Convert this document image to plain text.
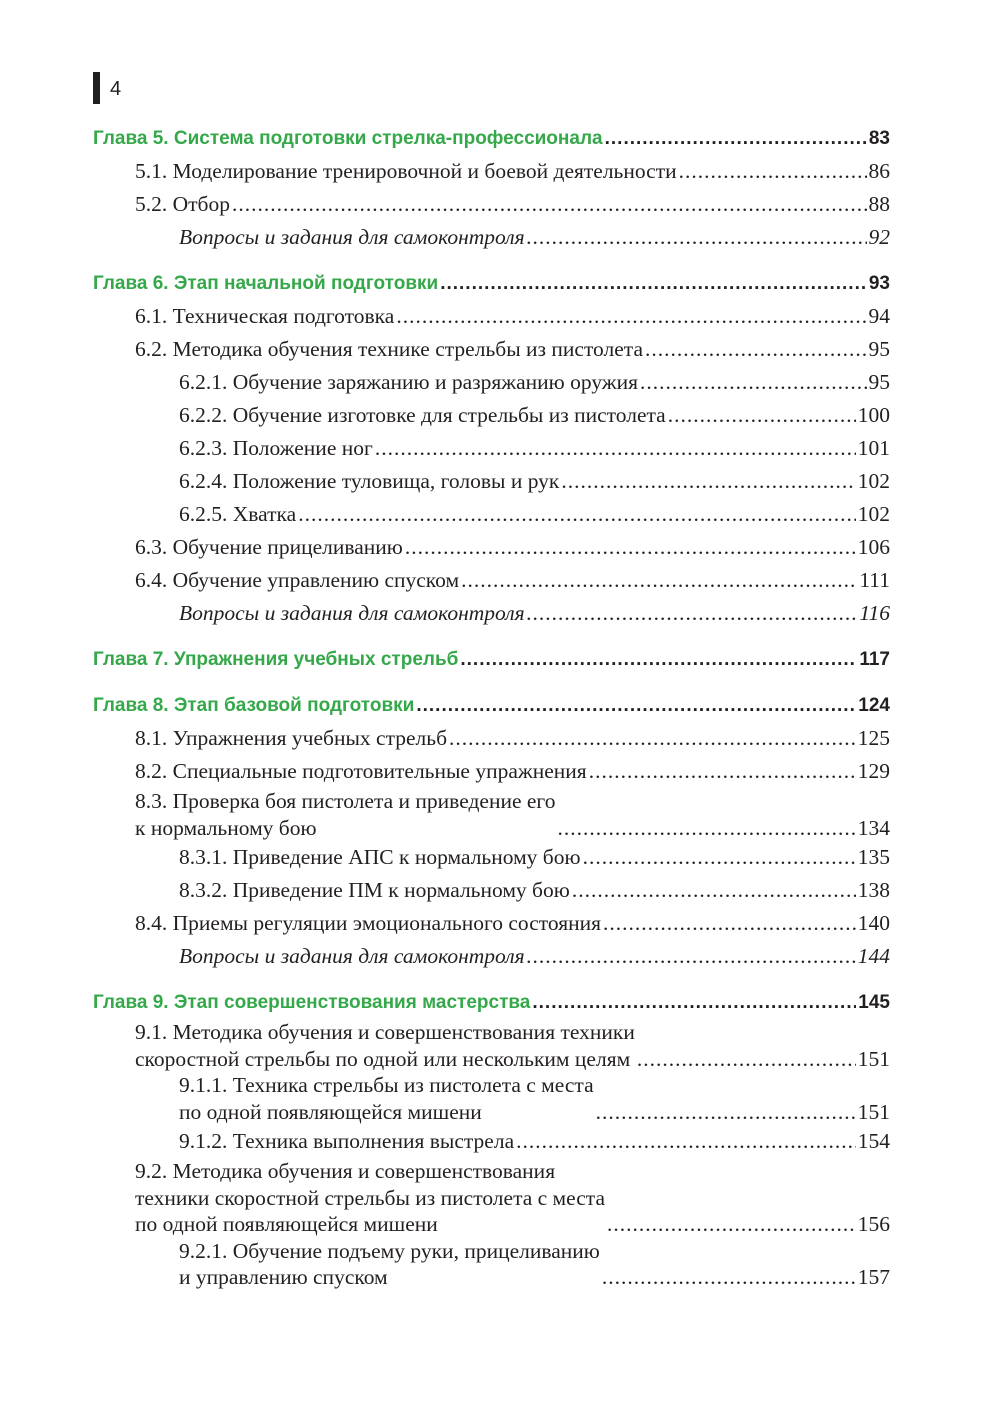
4
Глава 5. Система подготовки стрелка-профессионала .....	83
5.1. Моделирование тренировочной и боевой деятельности .....	86
5.2. Отбор .....	88
Вопросы и задания для самоконтроля .....	92
Глава 6. Этап начальной подготовки .....	93
6.1. Техническая подготовка .....	94
6.2. Методика обучения технике стрельбы из пистолета .....	95
6.2.1. Обучение заряжанию и разряжанию оружия .....	95
6.2.2. Обучение изготовке для стрельбы из пистолета .....	100
6.2.3. Положение ног .....	101
6.2.4. Положение туловища, головы и рук .....	102
6.2.5. Хватка .....	102
6.3. Обучение прицеливанию .....	106
6.4. Обучение управлению спуском .....	111
Вопросы и задания для самоконтроля .....	116
Глава 7. Упражнения учебных стрельб .....	117
Глава 8. Этап базовой подготовки .....	124
8.1. Упражнения учебных стрельб .....	125
8.2. Специальные подготовительные упражнения .....	129
8.3. Проверка боя пистолета и приведение его
к нормальному бою .....	134
8.3.1. Приведение АПС к нормальному бою .....	135
8.3.2. Приведение ПМ к нормальному бою .....	138
8.4. Приемы регуляции эмоционального состояния .....	140
Вопросы и задания для самоконтроля .....	144
Глава 9. Этап совершенствования мастерства .....	145
9.1. Методика обучения и совершенствования техники
скоростной стрельбы по одной или нескольким целям .....	151
9.1.1. Техника стрельбы из пистолета с места
по одной появляющейся мишени .....	151
9.1.2. Техника выполнения выстрела .....	154
9.2. Методика обучения и совершенствования
техники скоростной стрельбы из пистолета с места
по одной появляющейся мишени .....	156
9.2.1. Обучение подъему руки, прицеливанию
и управлению спуском .....	157
